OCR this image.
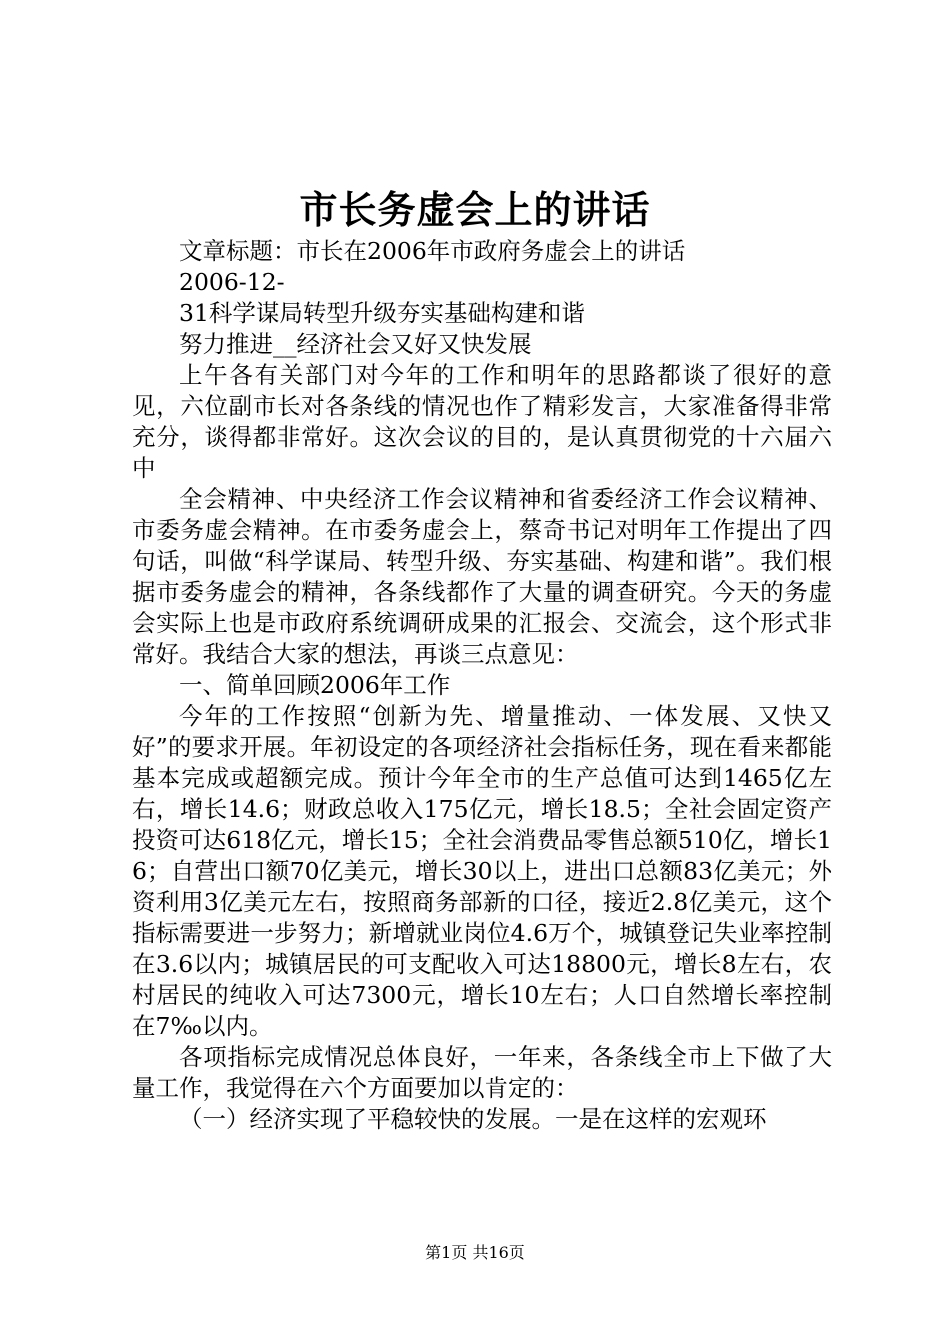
市长务虚会上的讲话

文章标题：市长在2006年市政府务虚会上的讲话

2006-12-

31科学谋局转型升级夯实基础构建和谐

努力推进__经济社会又好又快发展

上午各有关部门对今年的工作和明年的思路都谈了很好的意见，六位副市长对各条线的情况也作了精彩发言，大家准备得非常充分，谈得都非常好。这次会议的目的，是认真贯彻党的十六届六中

全会精神、中央经济工作会议精神和省委经济工作会议精神、市委务虚会精神。在市委务虚会上，蔡奇书记对明年工作提出了四句话，叫做“科学谋局、转型升级、夯实基础、构建和谐”。我们根据市委务虚会的精神，各条线都作了大量的调查研究。今天的务虚会实际上也是市政府系统调研成果的汇报会、交流会，这个形式非常好。我结合大家的想法，再谈三点意见：

一、简单回顾2006年工作

今年的工作按照“创新为先、增量推动、一体发展、又快又好”的要求开展。年初设定的各项经济社会指标任务，现在看来都能基本完成或超额完成。预计今年全市的生产总值可达到1465亿左右，增长14.6；财政总收入175亿元，增长18.5；全社会固定资产投资可达618亿元，增长15；全社会消费品零售总额510亿，增长16；自营出口额70亿美元，增长30以上，进出口总额83亿美元；外资利用3亿美元左右，按照商务部新的口径，接近2.8亿美元，这个指标需要进一步努力；新增就业岗位4.6万个，城镇登记失业率控制在3.6以内；城镇居民的可支配收入可达18800元，增长8左右，农村居民的纯收入可达7300元，增长10左右；人口自然增长率控制在7‰以内。

各项指标完成情况总体良好，一年来，各条线全市上下做了大量工作，我觉得在六个方面要加以肯定的：

（一）经济实现了平稳较快的发展。一是在这样的宏观环

第1页 共16页
